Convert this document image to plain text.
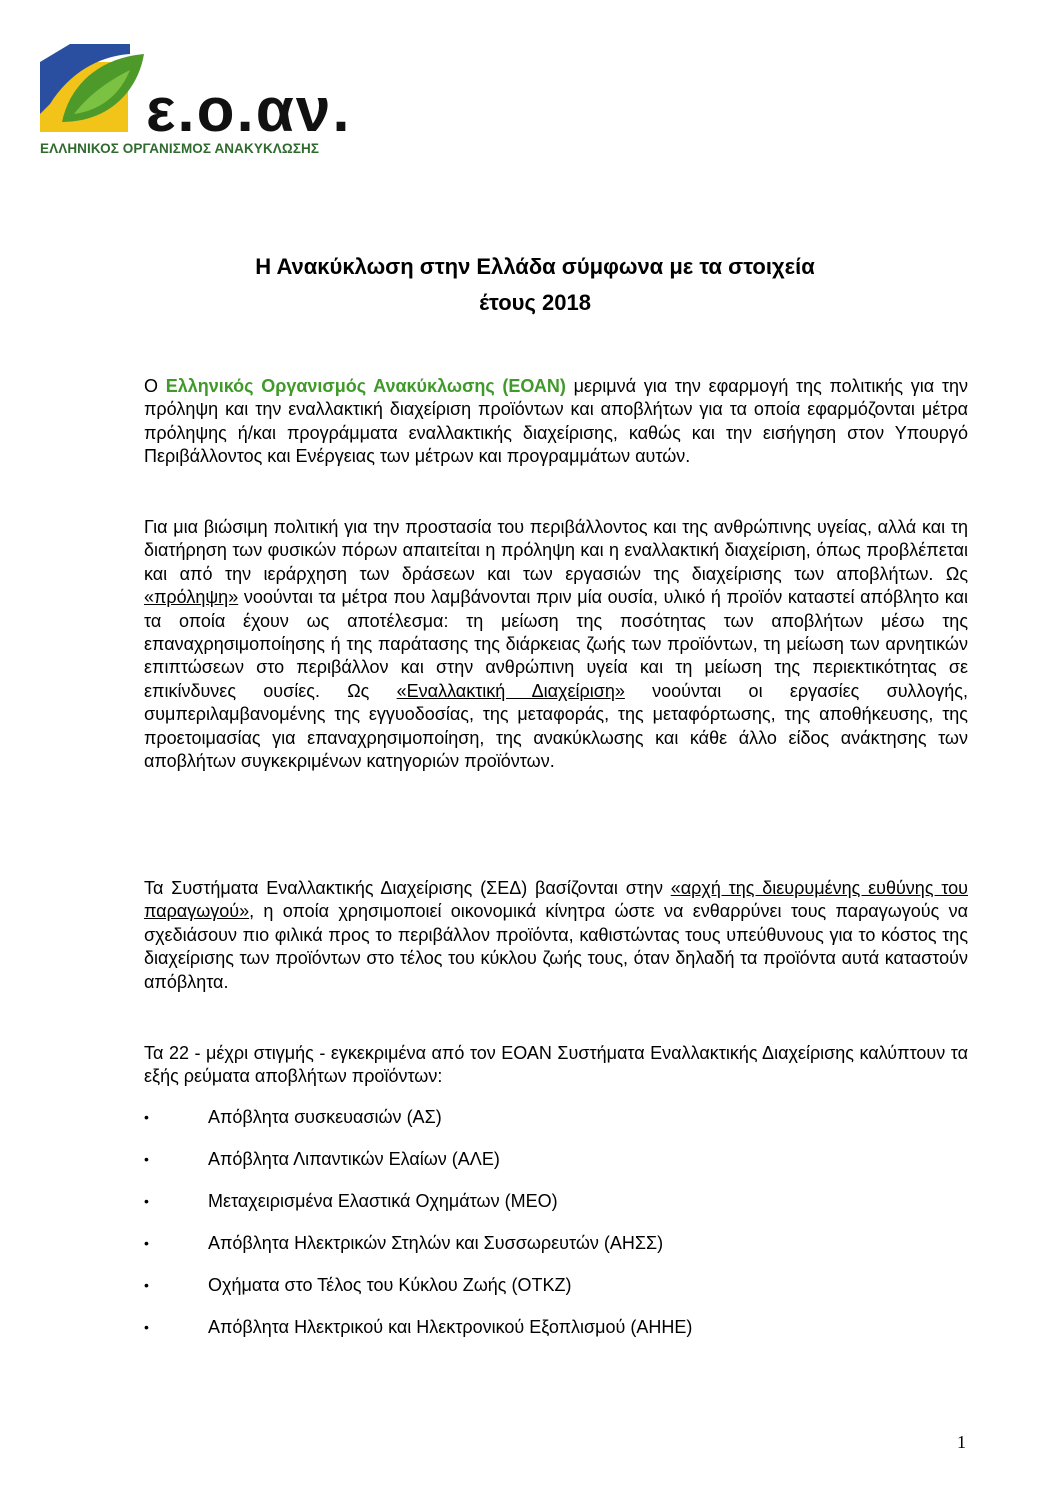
ε.ο.αν.
ΕΛΛΗΝΙΚΟΣ ΟΡΓΑΝΙΣΜΟΣ ΑΝΑΚΥΚΛΩΣΗΣ
Η Ανακύκλωση στην Ελλάδα σύμφωνα με τα στοιχεία
έτους 2018

Ο Ελληνικός Οργανισμός Ανακύκλωσης (ΕΟΑΝ) μεριμνά για την εφαρμογή της πολιτικής για την πρόληψη και την εναλλακτική διαχείριση προϊόντων και αποβλήτων για τα οποία εφαρμόζονται μέτρα πρόληψης ή/και προγράμματα εναλλακτικής διαχείρισης, καθώς και την εισήγηση στον Υπουργό Περιβάλλοντος και Ενέργειας των μέτρων και προγραμμάτων αυτών.

Για μια βιώσιμη πολιτική για την προστασία του περιβάλλοντος και της ανθρώπινης υγείας, αλλά και τη διατήρηση των φυσικών πόρων απαιτείται η πρόληψη και η εναλλακτική διαχείριση, όπως προβλέπεται και από την ιεράρχηση των δράσεων και των εργασιών της διαχείρισης των αποβλήτων. Ως «πρόληψη» νοούνται τα μέτρα που λαμβάνονται πριν μία ουσία, υλικό ή προϊόν καταστεί απόβλητο και τα οποία έχουν ως αποτέλεσμα: τη μείωση της ποσότητας των αποβλήτων μέσω της επαναχρησιμοποίησης ή της παράτασης της διάρκειας ζωής των προϊόντων, τη μείωση των αρνητικών επιπτώσεων στο περιβάλλον και στην ανθρώπινη υγεία και τη μείωση της περιεκτικότητας σε επικίνδυνες ουσίες. Ως «Εναλλακτική Διαχείριση» νοούνται οι εργασίες συλλογής, συμπεριλαμβανομένης της εγγυοδοσίας, της μεταφοράς, της μεταφόρτωσης, της αποθήκευσης, της προετοιμασίας για επαναχρησιμοποίηση, της ανακύκλωσης και κάθε άλλο είδος ανάκτησης των αποβλήτων συγκεκριμένων κατηγοριών προϊόντων.

Τα Συστήματα Εναλλακτικής Διαχείρισης (ΣΕΔ) βασίζονται στην «αρχή της διευρυμένης ευθύνης του παραγωγού», η οποία χρησιμοποιεί οικονομικά κίνητρα ώστε να ενθαρρύνει τους παραγωγούς να σχεδιάσουν πιο φιλικά προς το περιβάλλον προϊόντα, καθιστώντας τους υπεύθυνους για το κόστος της διαχείρισης των προϊόντων στο τέλος του κύκλου ζωής τους, όταν δηλαδή τα προϊόντα αυτά καταστούν απόβλητα.

Τα 22 - μέχρι στιγμής - εγκεκριμένα από τον ΕΟΑΝ Συστήματα Εναλλακτικής Διαχείρισης καλύπτουν τα εξής ρεύματα αποβλήτων προϊόντων:

•	Απόβλητα συσκευασιών (ΑΣ)
•	Απόβλητα Λιπαντικών Ελαίων (ΑΛΕ)
•	Μεταχειρισμένα Ελαστικά Οχημάτων (ΜΕΟ)
•	Απόβλητα Ηλεκτρικών Στηλών και Συσσωρευτών (ΑΗΣΣ)
•	Οχήματα στο Τέλος του Κύκλου Ζωής (ΟΤΚΖ)
•	Απόβλητα Ηλεκτρικού και Ηλεκτρονικού Εξοπλισμού (ΑΗΗΕ)
1
